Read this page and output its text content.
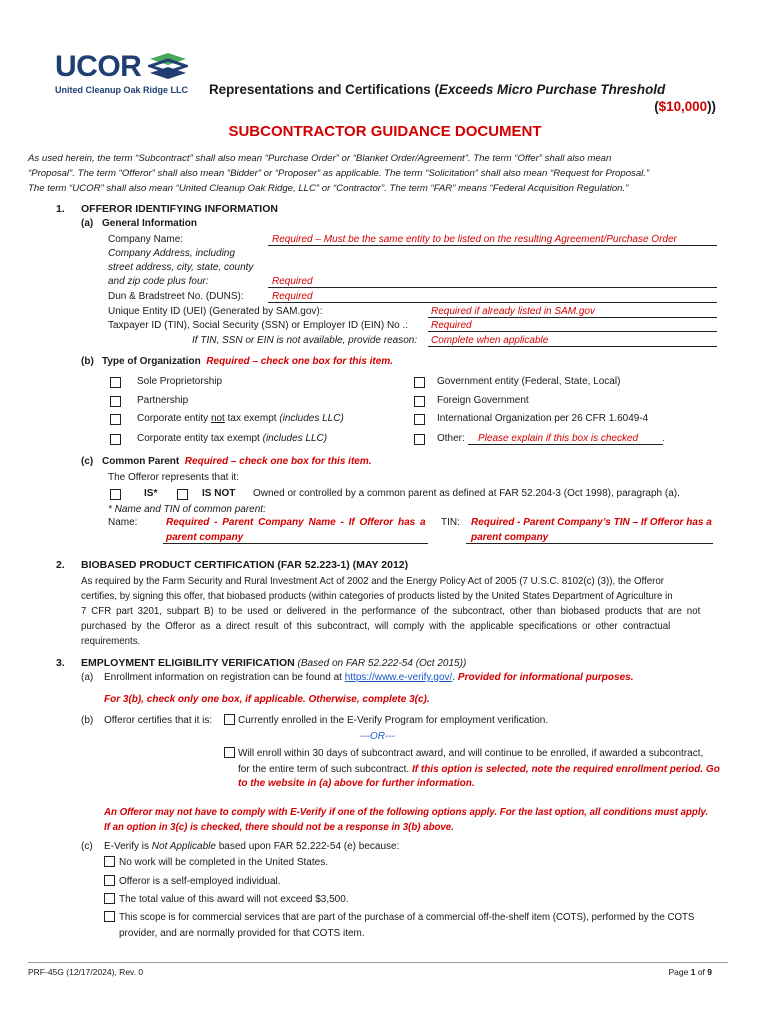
UCOR
United Cleanup Oak Ridge LLC Representations and Certifications (Exceeds Micro Purchase Threshold
($10,000))
SUBCONTRACTOR GUIDANCE DOCUMENT
As used herein, the term “Subcontract” shall also mean “Purchase Order” or “Blanket Order/Agreement”. The term “Offer” shall also mean
“Proposal”. The term “Offeror” shall also mean “Bidder” or “Proposer” as applicable. The term “Solicitation” shall also mean “Request for Proposal.”
The term “UCOR” shall also mean “United Cleanup Oak Ridge, LLC” or “Contractor”. The term “FAR” means “Federal Acquisition Regulation.”
1. OFFEROR IDENTIFYING INFORMATION
(a) General Information
Company Name:	Required – Must be the same entity to be listed on the resulting Agreement/Purchase Order
Company Address, including
street address, city, state, county
and zip code plus four:	Required
Dun & Bradstreet No. (DUNS):	Required
Unique Entity ID (UEI) (Generated by SAM.gov):	Required if already listed in SAM.gov
Taxpayer ID (TIN), Social Security (SSN) or Employer ID (EIN) No .: Required
If TIN, SSN or EIN is not available, provide reason: Complete when applicable
(b) Type of Organization Required – check one box for this item.
Sole Proprietorship
Partnership
Corporate entity not tax exempt (includes LLC)
Corporate entity tax exempt (includes LLC)
Government entity (Federal, State, Local)
Foreign Government
International Organization per 26 CFR 1.6049-4
Other: Please explain if this box is checked .
(c) Common Parent Required – check one box for this item.
The Offeror represents that it:
IS*	IS NOT Owned or controlled by a common parent as defined at FAR 52.204-3 (Oct 1998), paragraph (a).
* Name and TIN of common parent:
Name:	Required - Parent Company Name - If Offeror has a
parent company
TIN: Required - Parent Company’s TIN – If Offeror has a
parent company
2. BIOBASED PRODUCT CERTIFICATION (FAR 52.223-1) (MAY 2012)
As required by the Farm Security and Rural Investment Act of 2002 and the Energy Policy Act of 2005 (7 U.S.C. 8102(c) (3)), the Offeror
certifies, by signing this offer, that biobased products (within categories of products listed by the United States Department of Agriculture in
7 CFR part 3201, subpart B) to be used or delivered in the performance of the subcontract, other than biobased products that are not
purchased by the Offeror as a direct result of this subcontract, will comply with the applicable specifications or other contractual
requirements.
3. EMPLOYMENT ELIGIBILITY VERIFICATION (Based on FAR 52.222-54 (Oct 2015))
(a) Enrollment information on registration can be found at https://www.e-verify.gov/. Provided for informational purposes.
For 3(b), check only one box, if applicable. Otherwise, complete 3(c).
(b) Offeror certifies that it is:	Currently enrolled in the E-Verify Program for employment verification.
---OR---
Will enroll within 30 days of subcontract award, and will continue to be enrolled, if awarded a subcontract,
for the entire term of such subcontract. If this option is selected, note the required enrollment period. Go
to the website in (a) above for further information.
An Offeror may not have to comply with E-Verify if one of the following options apply. For the last option, all conditions must apply.
If an option in 3(c) is checked, there should not be a response in 3(b) above.
(c) E-Verify is Not Applicable based upon FAR 52.222-54 (e) because:
No work will be completed in the United States.
Offeror is a self-employed individual.
The total value of this award will not exceed $3,500.
This scope is for commercial services that are part of the purchase of a commercial off-the-shelf item (COTS), performed by the COTS
provider, and are normally provided for that COTS item.
PRF-45G (12/17/2024), Rev. 0	Page 1 of 9
